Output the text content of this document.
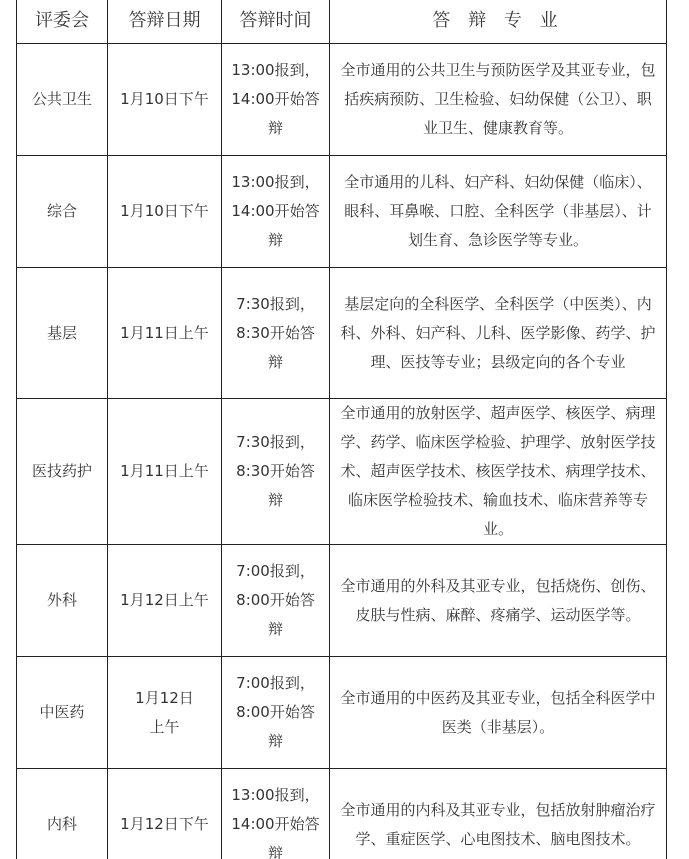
评委会	答辩日期	答辩时间	答 辩 专 业

公共卫生	1月10日下午	13:00报到，
14:00开始答
辩	全市通用的公共卫生与预防医学及其亚专业，包括疾病预防、卫生检验、妇幼保健（公卫）、职业卫生、健康教育等。
综合	1月10日下午	13:00报到，
14:00开始答
辩	全市通用的儿科、妇产科、妇幼保健（临床）、眼科、耳鼻喉、口腔、全科医学（非基层）、计划生育、急诊医学等专业。
基层	1月11日上午	7:30报到，
8:30开始答
辩	基层定向的全科医学、全科医学（中医类）、内科、外科、妇产科、儿科、医学影像、药学、护理、医技等专业；县级定向的各个专业
医技药护	1月11日上午	7:30报到，
8:30开始答
辩	全市通用的放射医学、超声医学、核医学、病理学、药学、临床医学检验、护理学、放射医学技术、超声医学技术、核医学技术、病理学技术、临床医学检验技术、输血技术、临床营养等专业。
外科	1月12日上午	7:00报到，
8:00开始答
辩	全市通用的外科及其亚专业，包括烧伤、创伤、皮肤与性病、麻醉、疼痛学、运动医学等。
中医药	1月12日
上午	7:00报到，
8:00开始答
辩	全市通用的中医药及其亚专业，包括全科医学中医类（非基层）。
内科	1月12日下午	13:00报到，
14:00开始答
辩	全市通用的内科及其亚专业，包括放射肿瘤治疗学、重症医学、心电图技术、脑电图技术。
